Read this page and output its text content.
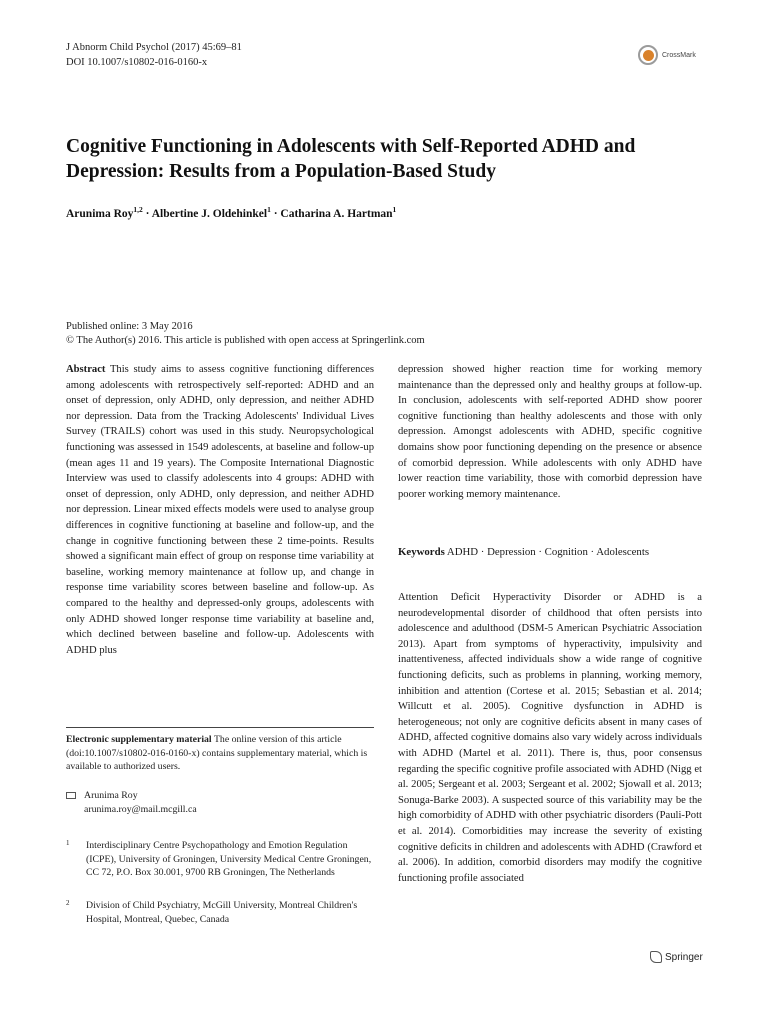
J Abnorm Child Psychol (2017) 45:69–81
DOI 10.1007/s10802-016-0160-x
CrossMark
Cognitive Functioning in Adolescents with Self-Reported ADHD and Depression: Results from a Population-Based Study
Arunima Roy$^{1,2}$ · Albertine J. Oldehinkel$^1$ · Catharina A. Hartman$^1$

Published online: 3 May 2016

© The Author(s) 2016. This article is published with open access at Springerlink.com

Abstract This study aims to assess cognitive functioning differences among adolescents with retrospectively self-reported: ADHD and an onset of depression, only ADHD, only depression, and neither ADHD nor depression. Data from the Tracking Adolescents' Individual Lives Survey (TRAILS) cohort was used in this study. Neuropsychological functioning was assessed in 1549 adolescents, at baseline and follow-up (mean ages 11 and 19 years). The Composite International Diagnostic Interview was used to classify adolescents into 4 groups: ADHD with onset of depression, only ADHD, only depression, and neither ADHD nor depression. Linear mixed effects models were used to analyse group differences in cognitive functioning at baseline and follow-up, and the change in cognitive functioning between these 2 time-points. Results showed a significant main effect of group on response time variability at baseline, working memory maintenance at follow up, and change in response time variability scores between baseline and follow-up. As compared to the healthy and depressed-only groups, adolescents with only ADHD showed longer response time variability at baseline and, which declined between baseline and follow-up. Adolescents with ADHD plus

Electronic supplementary material The online version of this article (doi:10.1007/s10802-016-0160-x) contains supplementary material, which is available to authorized users.
Arunima Roy
arunima.roy@mail.mcgill.ca
1 Interdisciplinary Centre Psychopathology and Emotion Regulation (ICPE), University of Groningen, University Medical Centre Groningen, CC 72, P.O. Box 30.001, 9700 RB Groningen, The Netherlands
2 Division of Child Psychiatry, McGill University, Montreal Children's Hospital, Montreal, Quebec, Canada

depression showed higher reaction time for working memory maintenance than the depressed only and healthy groups at follow-up. In conclusion, adolescents with self-reported ADHD show poorer cognitive functioning than healthy adolescents and those with only depression. Amongst adolescents with ADHD, specific cognitive domains show poor functioning depending on the presence or absence of comorbid depression. While adolescents with only ADHD have lower reaction time variability, those with comorbid depression have poorer working memory maintenance.

Keywords ADHD · Depression · Cognition · Adolescents

Attention Deficit Hyperactivity Disorder or ADHD is a neurodevelopmental disorder of childhood that often persists into adolescence and adulthood (DSM-5 American Psychiatric Association 2013). Apart from symptoms of hyperactivity, impulsivity and inattentiveness, affected individuals show a wide range of cognitive functioning deficits, such as problems in planning, working memory, inhibition and attention (Cortese et al. 2015; Sebastian et al. 2014; Willcutt et al. 2005). Cognitive dysfunction in ADHD is heterogeneous; not only are cognitive deficits absent in many cases of ADHD, affected cognitive domains also vary widely across individuals with ADHD (Martel et al. 2011). There is, thus, poor consensus regarding the specific cognitive profile associated with ADHD (Nigg et al. 2005; Sergeant et al. 2003; Sergeant et al. 2002; Sjowall et al. 2013; Sonuga-Barke 2003). A suspected source of this variability may be the high comorbidity of ADHD with other psychiatric disorders (Pauli-Pott et al. 2014). Comorbidities may increase the severity of existing cognitive deficits in children and adolescents with ADHD (Crawford et al. 2006). In addition, comorbid disorders may modify the cognitive functioning profile associated

Springer
